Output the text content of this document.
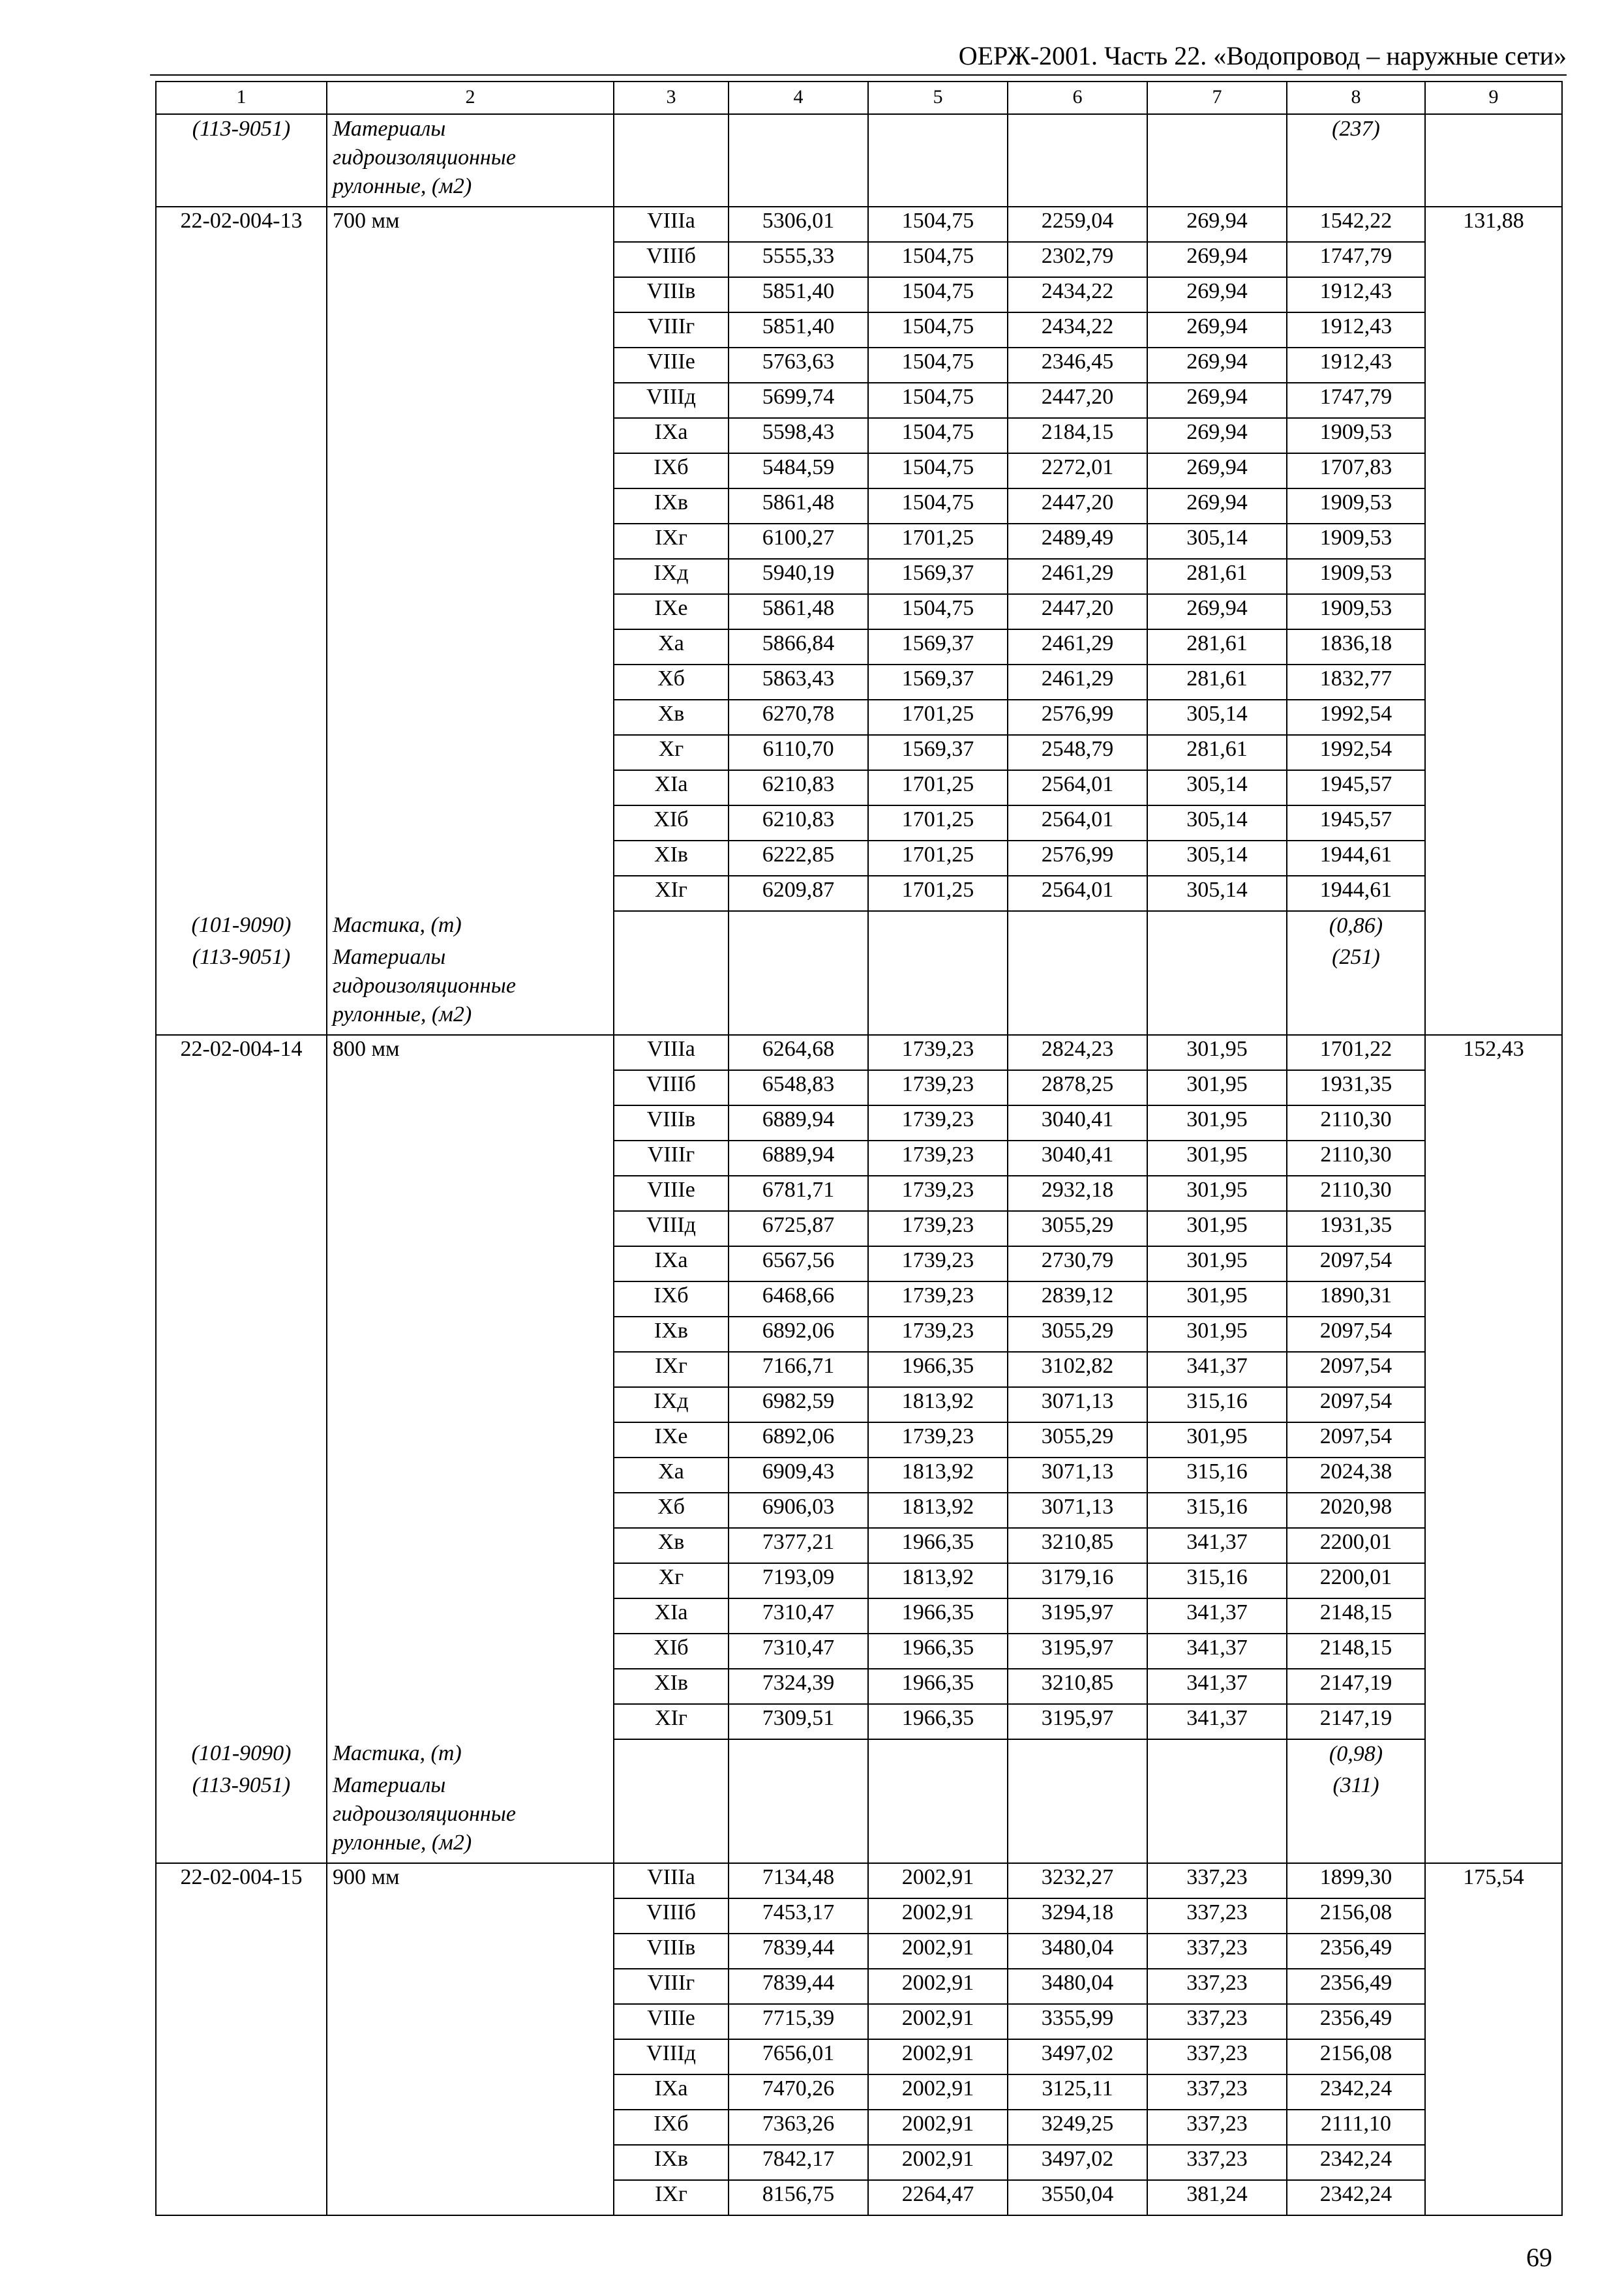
ОЕРЖ-2001. Часть 22. «Водопровод – наружные сети»
1	2	3	4	5	6	7	8	9
(113-9051)	Материалы
гидроизоляционные
рулонные, (м2)						(237)	
22-02-004-13	700 мм	VIIIа	5306,01	1504,75	2259,04	269,94	1542,22	131,88
		VIIIб	5555,33	1504,75	2302,79	269,94	1747,79	
		VIIIв	5851,40	1504,75	2434,22	269,94	1912,43	
		VIIIг	5851,40	1504,75	2434,22	269,94	1912,43	
		VIIIе	5763,63	1504,75	2346,45	269,94	1912,43	
		VIIIд	5699,74	1504,75	2447,20	269,94	1747,79	
		IXа	5598,43	1504,75	2184,15	269,94	1909,53	
		IXб	5484,59	1504,75	2272,01	269,94	1707,83	
		IXв	5861,48	1504,75	2447,20	269,94	1909,53	
		IXг	6100,27	1701,25	2489,49	305,14	1909,53	
		IXд	5940,19	1569,37	2461,29	281,61	1909,53	
		IXе	5861,48	1504,75	2447,20	269,94	1909,53	
		Xа	5866,84	1569,37	2461,29	281,61	1836,18	
		Xб	5863,43	1569,37	2461,29	281,61	1832,77	
		Xв	6270,78	1701,25	2576,99	305,14	1992,54	
		Xг	6110,70	1569,37	2548,79	281,61	1992,54	
		XIа	6210,83	1701,25	2564,01	305,14	1945,57	
		XIб	6210,83	1701,25	2564,01	305,14	1945,57	
		XIв	6222,85	1701,25	2576,99	305,14	1944,61	
		XIг	6209,87	1701,25	2564,01	305,14	1944,61	
(101-9090)	Мастика, (т)						(0,86)	
(113-9051)	Материалы
гидроизоляционные
рулонные, (м2)						(251)	
22-02-004-14	800 мм	VIIIа	6264,68	1739,23	2824,23	301,95	1701,22	152,43
		VIIIб	6548,83	1739,23	2878,25	301,95	1931,35	
		VIIIв	6889,94	1739,23	3040,41	301,95	2110,30	
		VIIIг	6889,94	1739,23	3040,41	301,95	2110,30	
		VIIIе	6781,71	1739,23	2932,18	301,95	2110,30	
		VIIIд	6725,87	1739,23	3055,29	301,95	1931,35	
		IXа	6567,56	1739,23	2730,79	301,95	2097,54	
		IXб	6468,66	1739,23	2839,12	301,95	1890,31	
		IXв	6892,06	1739,23	3055,29	301,95	2097,54	
		IXг	7166,71	1966,35	3102,82	341,37	2097,54	
		IXд	6982,59	1813,92	3071,13	315,16	2097,54	
		IXе	6892,06	1739,23	3055,29	301,95	2097,54	
		Xа	6909,43	1813,92	3071,13	315,16	2024,38	
		Xб	6906,03	1813,92	3071,13	315,16	2020,98	
		Xв	7377,21	1966,35	3210,85	341,37	2200,01	
		Xг	7193,09	1813,92	3179,16	315,16	2200,01	
		XIа	7310,47	1966,35	3195,97	341,37	2148,15	
		XIб	7310,47	1966,35	3195,97	341,37	2148,15	
		XIв	7324,39	1966,35	3210,85	341,37	2147,19	
		XIг	7309,51	1966,35	3195,97	341,37	2147,19	
(101-9090)	Мастика, (т)						(0,98)	
(113-9051)	Материалы
гидроизоляционные
рулонные, (м2)						(311)	
22-02-004-15	900 мм	VIIIа	7134,48	2002,91	3232,27	337,23	1899,30	175,54
		VIIIб	7453,17	2002,91	3294,18	337,23	2156,08	
		VIIIв	7839,44	2002,91	3480,04	337,23	2356,49	
		VIIIг	7839,44	2002,91	3480,04	337,23	2356,49	
		VIIIе	7715,39	2002,91	3355,99	337,23	2356,49	
		VIIIд	7656,01	2002,91	3497,02	337,23	2156,08	
		IXа	7470,26	2002,91	3125,11	337,23	2342,24	
		IXб	7363,26	2002,91	3249,25	337,23	2111,10	
		IXв	7842,17	2002,91	3497,02	337,23	2342,24	
		IXг	8156,75	2264,47	3550,04	381,24	2342,24	
69
